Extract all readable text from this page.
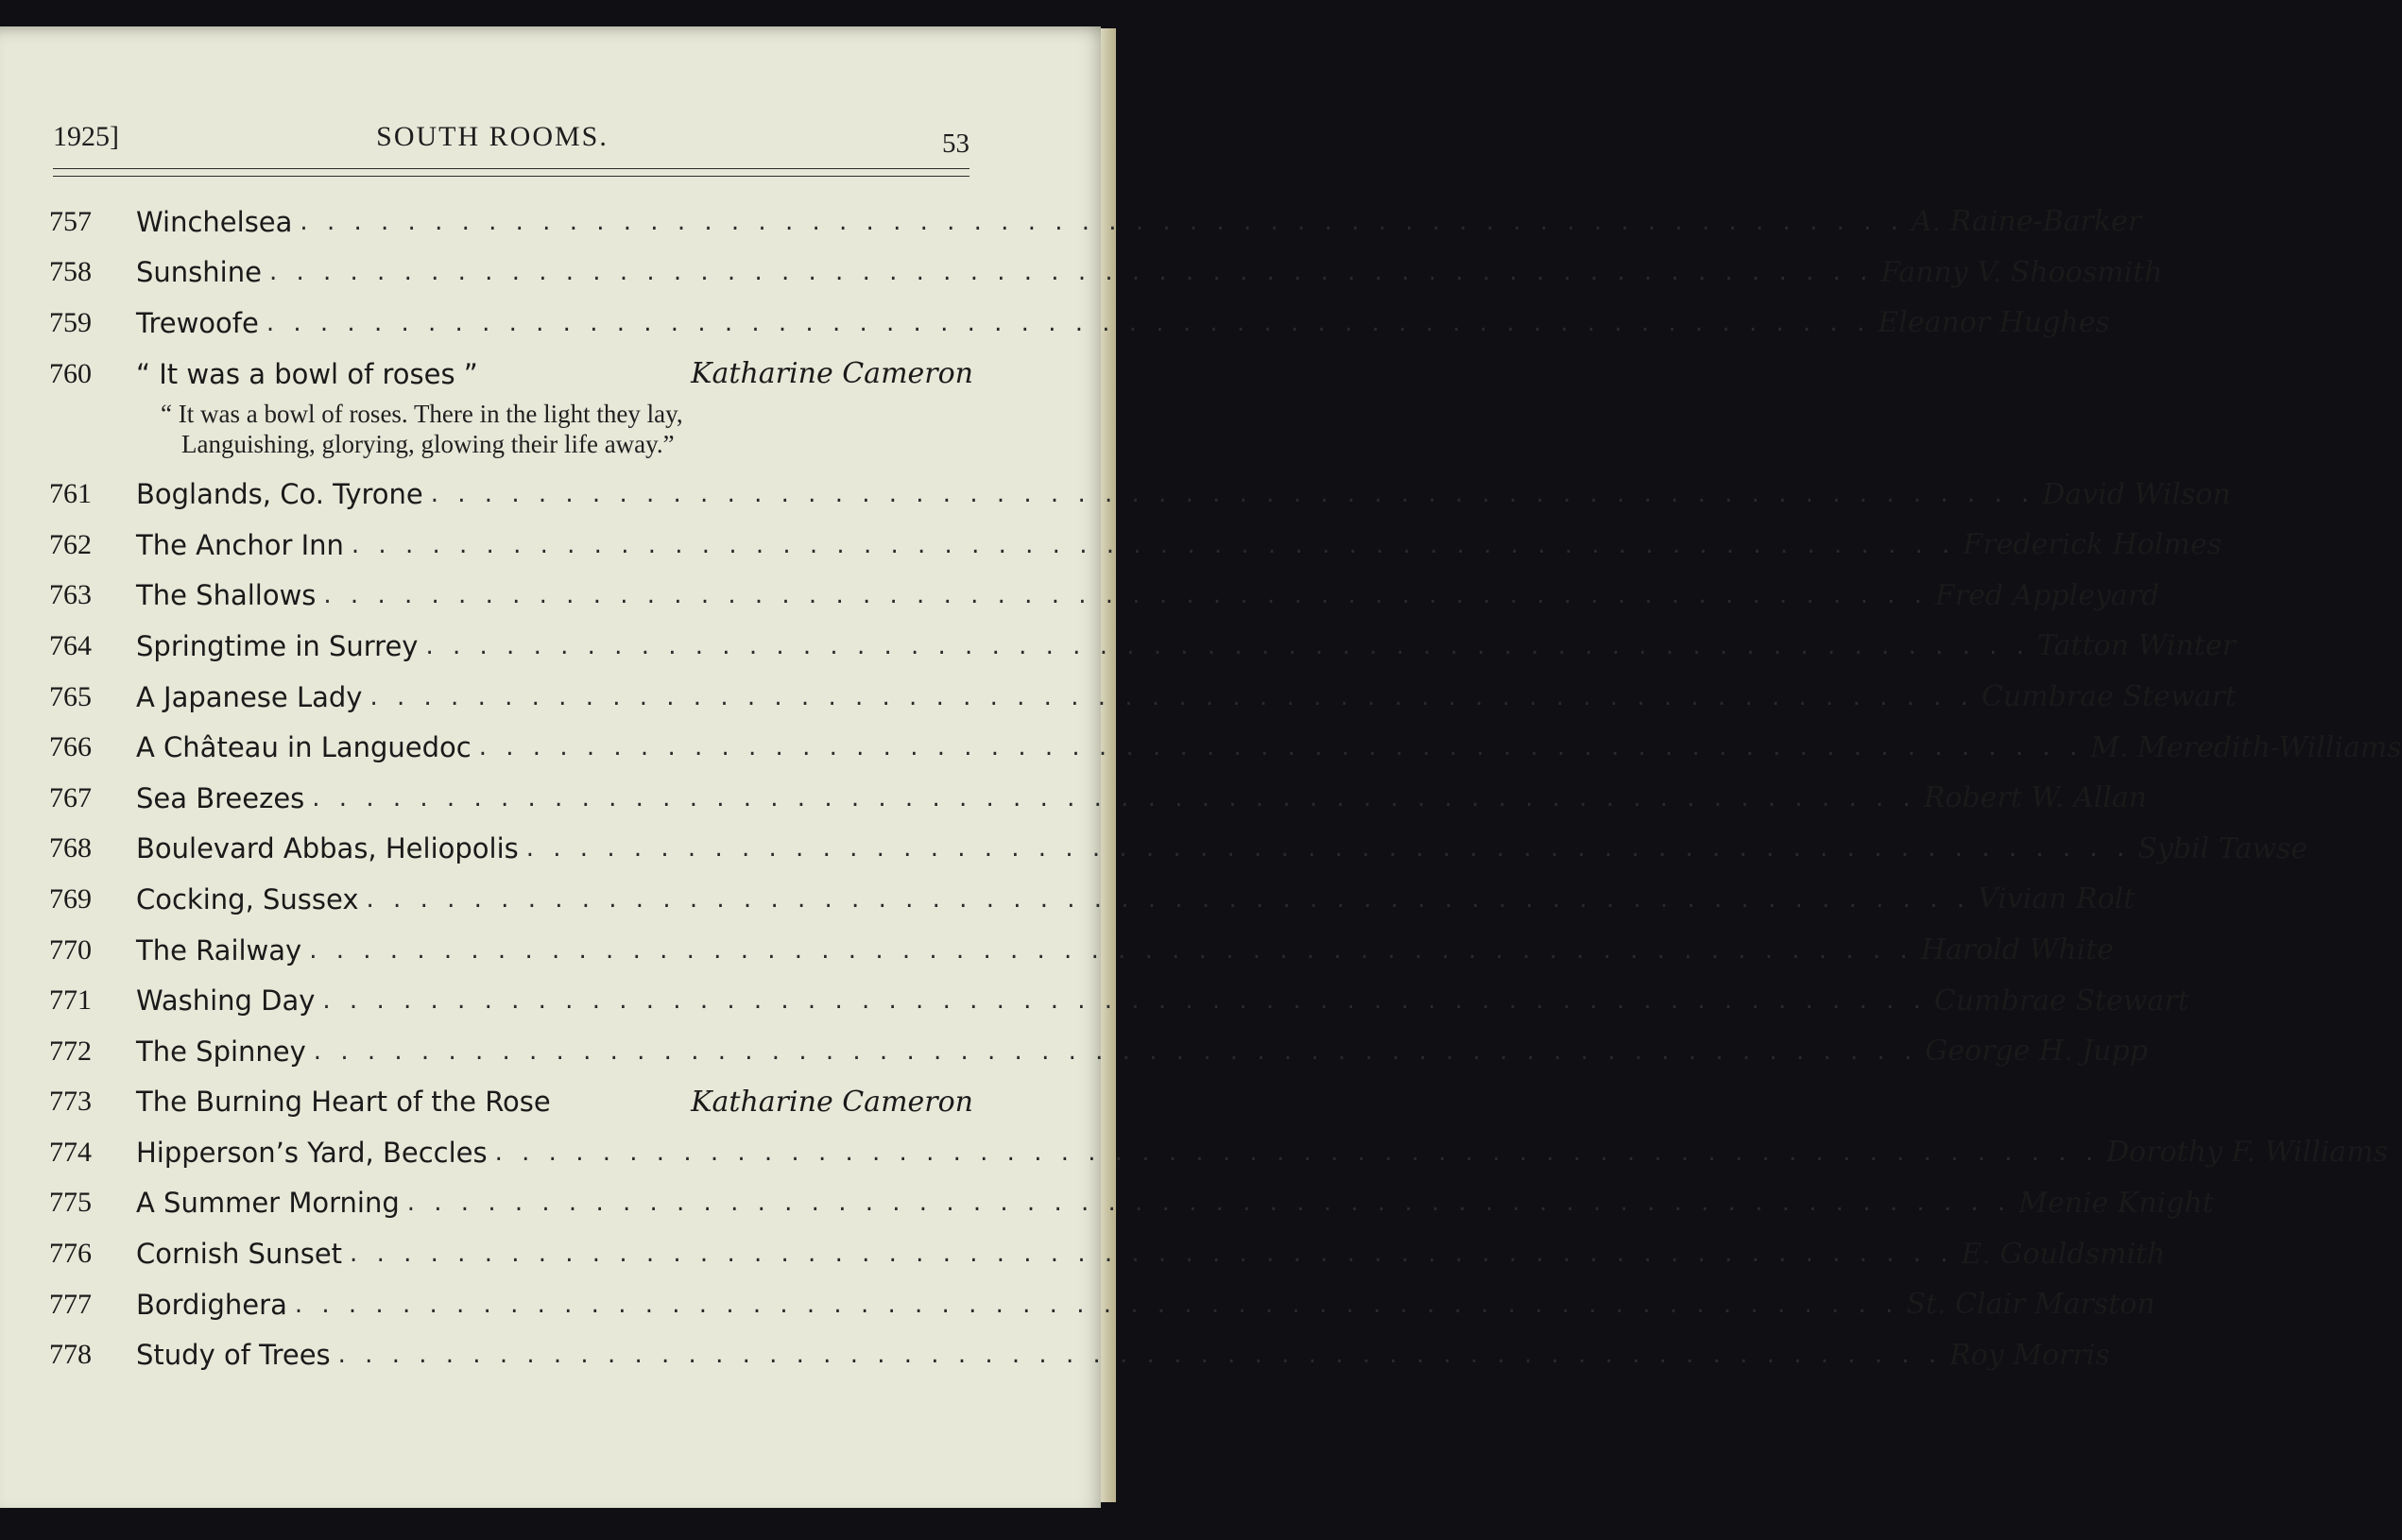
1925]	SOUTH ROOMS.	53
757	Winchelsea . . . . . . . . . . . . . . . . . . . . . . . . . . . . . . . . . . . . . . . . . . . . . . . . . . . . . . . . . . . . A. Raine-Barker
758	Sunshine . . . . . . . . . . . . . . . . . . . . . . . . . . . . . . . . . . . . . . . . . . . . . . . . . . . . . . . . . . . . Fanny V. Shoosmith
759	Trewoofe . . . . . . . . . . . . . . . . . . . . . . . . . . . . . . . . . . . . . . . . . . . . . . . . . . . . . . . . . . . . Eleanor Hughes
760	“ It was a bowl of roses ”	Katharine Cameron
“ It was a bowl of roses. There in the light they lay,
Languishing, glorying, glowing their life away.”
761	Boglands, Co. Tyrone . . . . . . . . . . . . . . . . . . . . . . . . . . . . . . . . . . . . . . . . . . . . . . . . . . . . . . . . . . . . David Wilson
762	The Anchor Inn . . . . . . . . . . . . . . . . . . . . . . . . . . . . . . . . . . . . . . . . . . . . . . . . . . . . . . . . . . . . Frederick Holmes
763	The Shallows . . . . . . . . . . . . . . . . . . . . . . . . . . . . . . . . . . . . . . . . . . . . . . . . . . . . . . . . . . . . Fred Appleyard
764	Springtime in Surrey . . . . . . . . . . . . . . . . . . . . . . . . . . . . . . . . . . . . . . . . . . . . . . . . . . . . . . . . . . . . Tatton Winter
765	A Japanese Lady . . . . . . . . . . . . . . . . . . . . . . . . . . . . . . . . . . . . . . . . . . . . . . . . . . . . . . . . . . . . Cumbrae Stewart
766	A Château in Languedoc . . . . . . . . . . . . . . . . . . . . . . . . . . . . . . . . . . . . . . . . . . . . . . . . . . . . . . . . . . . . M. Meredith-Williams
767	Sea Breezes . . . . . . . . . . . . . . . . . . . . . . . . . . . . . . . . . . . . . . . . . . . . . . . . . . . . . . . . . . . . Robert W. Allan
768	Boulevard Abbas, Heliopolis . . . . . . . . . . . . . . . . . . . . . . . . . . . . . . . . . . . . . . . . . . . . . . . . . . . . . . . . . . . . Sybil Tawse
769	Cocking, Sussex . . . . . . . . . . . . . . . . . . . . . . . . . . . . . . . . . . . . . . . . . . . . . . . . . . . . . . . . . . . . Vivian Rolt
770	The Railway . . . . . . . . . . . . . . . . . . . . . . . . . . . . . . . . . . . . . . . . . . . . . . . . . . . . . . . . . . . . Harold White
771	Washing Day . . . . . . . . . . . . . . . . . . . . . . . . . . . . . . . . . . . . . . . . . . . . . . . . . . . . . . . . . . . . Cumbrae Stewart
772	The Spinney . . . . . . . . . . . . . . . . . . . . . . . . . . . . . . . . . . . . . . . . . . . . . . . . . . . . . . . . . . . . George H. Jupp
773	The Burning Heart of the Rose	Katharine Cameron
774	Hipperson’s Yard, Beccles . . . . . . . . . . . . . . . . . . . . . . . . . . . . . . . . . . . . . . . . . . . . . . . . . . . . . . . . . . . . Dorothy F. Williams
775	A Summer Morning . . . . . . . . . . . . . . . . . . . . . . . . . . . . . . . . . . . . . . . . . . . . . . . . . . . . . . . . . . . . Menie Knight
776	Cornish Sunset . . . . . . . . . . . . . . . . . . . . . . . . . . . . . . . . . . . . . . . . . . . . . . . . . . . . . . . . . . . . E. Gouldsmith
777	Bordighera . . . . . . . . . . . . . . . . . . . . . . . . . . . . . . . . . . . . . . . . . . . . . . . . . . . . . . . . . . . . St. Clair Marston
778	Study of Trees . . . . . . . . . . . . . . . . . . . . . . . . . . . . . . . . . . . . . . . . . . . . . . . . . . . . . . . . . . . . Roy Morris
